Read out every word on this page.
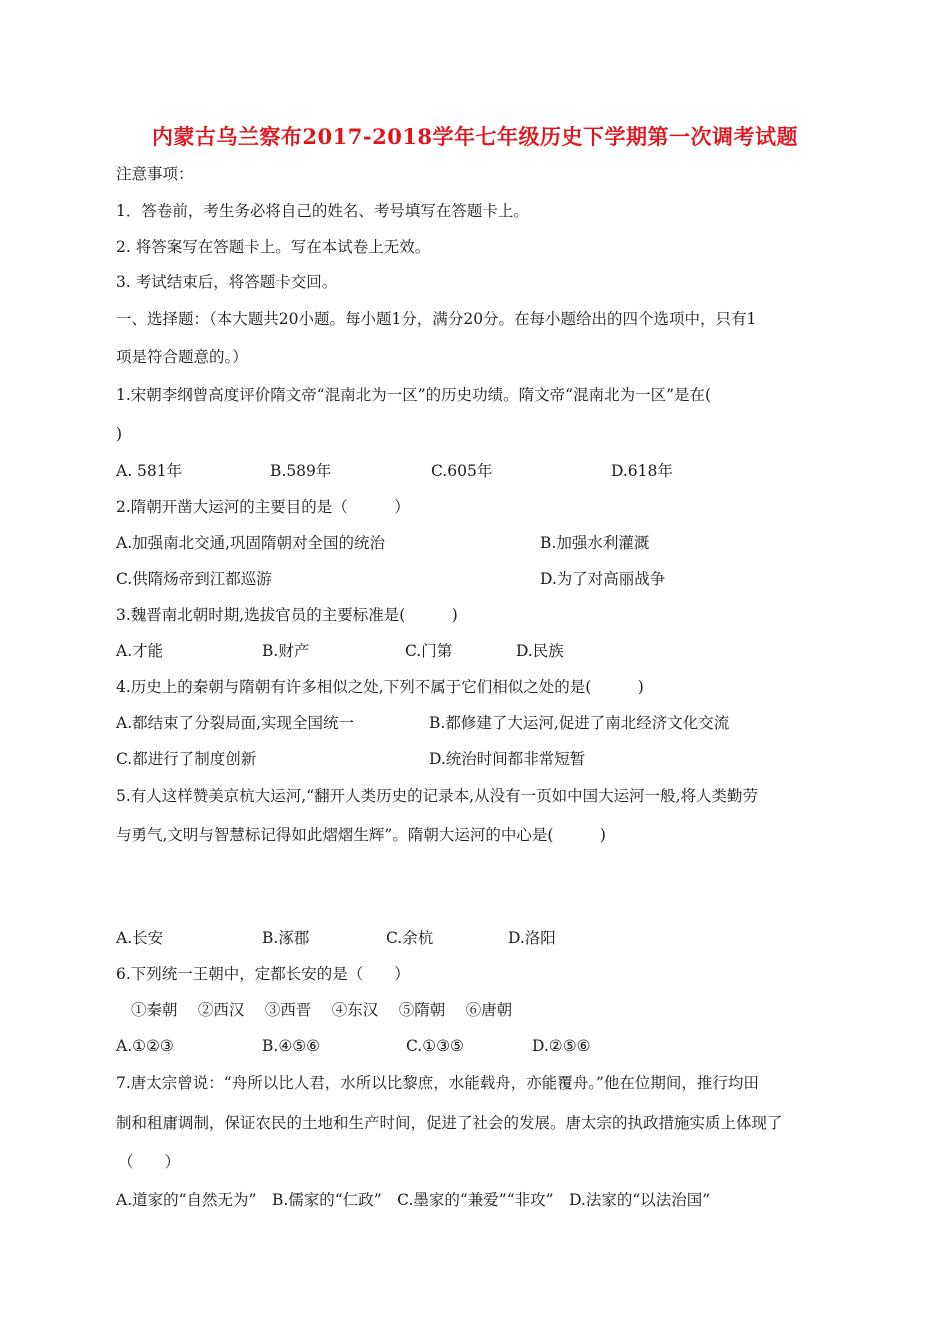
内蒙古乌兰察布2017-2018学年七年级历史下学期第一次调考试题
注意事项：
1．答卷前，考生务必将自己的姓名、考号填写在答题卡上。
2. 将答案写在答题卡上。写在本试卷上无效。
3. 考试结束后，将答题卡交回。
一、选择题：（本大题共20小题。每小题1分，满分20分。在每小题给出的四个选项中，只有1
项是符合题意的。）
1.宋朝李纲曾高度评价隋文帝“混南北为一区”的历史功绩。隋文帝“混南北为一区”是在(
)
A. 581年	B.589年	C.605年	D.618年
2.隋朝开凿大运河的主要目的是（　　　）
A.加强南北交通,巩固隋朝对全国的统治	B.加强水利灌溉
C.供隋炀帝到江都巡游	D.为了对高丽战争
3.魏晋南北朝时期,选拔官员的主要标准是(　　　)
A.才能	B.财产	C.门第	D.民族
4.历史上的秦朝与隋朝有许多相似之处,下列不属于它们相似之处的是(　　　)
A.都结束了分裂局面,实现全国统一	B.都修建了大运河,促进了南北经济文化交流
C.都进行了制度创新	D.统治时间都非常短暂
5.有人这样赞美京杭大运河,“翻开人类历史的记录本,从没有一页如中国大运河一般,将人类勤劳
与勇气,文明与智慧标记得如此熠熠生辉”。隋朝大运河的中心是(　　　)
A.长安	B.涿郡	C.余杭	D.洛阳
6.下列统一王朝中，定都长安的是（　　）
①秦朝　 ②西汉　 ③西晋　 ④东汉　 ⑤隋朝　 ⑥唐朝
A.①②③	B.④⑤⑥	C.①③⑤	D.②⑤⑥
7.唐太宗曾说：“舟所以比人君，水所以比黎庶，水能载舟，亦能覆舟。”他在位期间，推行均田
制和租庸调制，保证农民的土地和生产时间，促进了社会的发展。唐太宗的执政措施实质上体现了
（　　）
A.道家的“自然无为”　B.儒家的“仁政”　C.墨家的“兼爱”“非攻”　D.法家的“以法治国”
